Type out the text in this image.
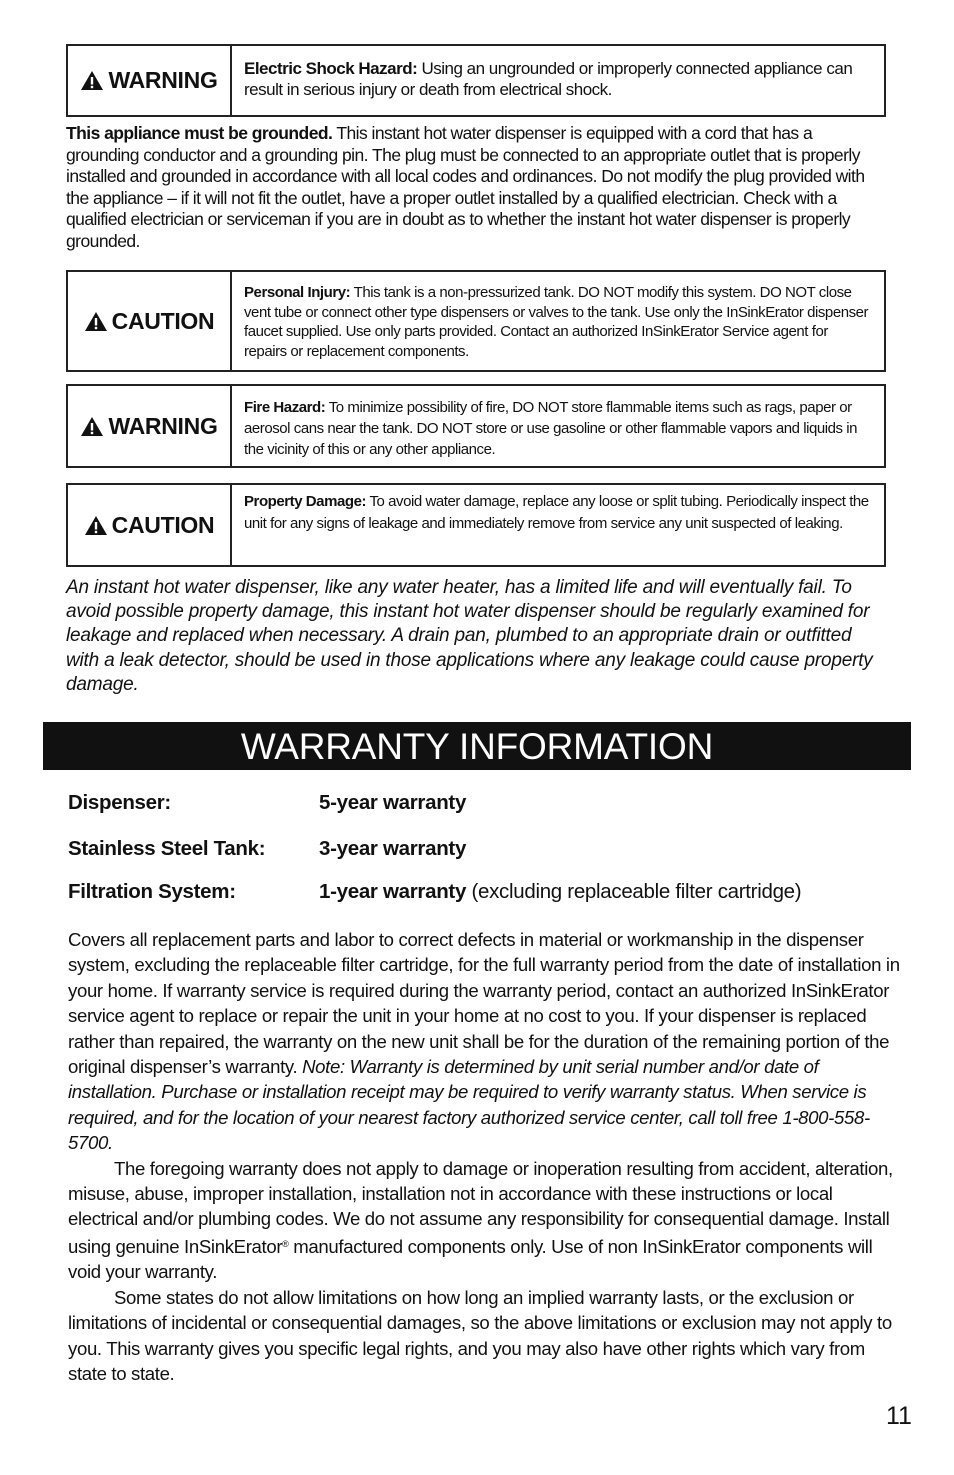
WARNING	Electric Shock Hazard: Using an ungrounded or improperly connected appliance can result in serious injury or death from electrical shock.
This appliance must be grounded. This instant hot water dispenser is equipped with a cord that has a grounding conductor and a grounding pin. The plug must be connected to an appropriate outlet that is properly installed and grounded in accordance with all local codes and ordinances. Do not modify the plug provided with the appliance – if it will not fit the outlet, have a proper outlet installed by a qualified electrician. Check with a qualified electrician or serviceman if you are in doubt as to whether the instant hot water dispenser is properly grounded.
CAUTION
Personal Injury: This tank is a non-pressurized tank. DO NOT modify this system. DO NOT close vent tube or connect other type dispensers or valves to the tank. Use only the InSinkErator dispenser faucet supplied. Use only parts provided. Contact an authorized InSinkErator Service agent for repairs or replacement components.
WARNING
Fire Hazard: To minimize possibility of fire, DO NOT store flammable items such as rags, paper or aerosol cans near the tank. DO NOT store or use gasoline or other flammable vapors and liquids in the vicinity of this or any other appliance.
CAUTION
Property Damage: To avoid water damage, replace any loose or split tubing. Periodically inspect the unit for any signs of leakage and immediately remove from service any unit suspected of leaking.
An instant hot water dispenser, like any water heater, has a limited life and will eventually fail. To avoid possible property damage, this instant hot water dispenser should be regularly examined for leakage and replaced when necessary. A drain pan, plumbed to an appropriate drain or outfitted with a leak detector, should be used in those applications where any leakage could cause property damage.
WARRANTY INFORMATION
Dispenser:	5-year warranty
Stainless Steel Tank:	3-year warranty
Filtration System:	1-year warranty (excluding replaceable filter cartridge)

Covers all replacement parts and labor to correct defects in material or workmanship in the dispenser system, excluding the replaceable filter cartridge, for the full warranty period from the date of installation in your home. If warranty service is required during the warranty period, contact an authorized InSinkErator service agent to replace or repair the unit in your home at no cost to you. If your dispenser is replaced rather than repaired, the warranty on the new unit shall be for the duration of the remaining portion of the original dispenser’s warranty. Note: Warranty is determined by unit serial number and/or date of installation. Purchase or installation receipt may be required to verify warranty status. When service is required, and for the location of your nearest factory authorized service center, call toll free 1-800-558-5700.

The foregoing warranty does not apply to damage or inoperation resulting from accident, alteration, misuse, abuse, improper installation, installation not in accordance with these instructions or local electrical and/or plumbing codes. We do not assume any responsibility for consequential damage. Install using genuine InSinkErator® manufactured components only. Use of non InSinkErator components will void your warranty.

Some states do not allow limitations on how long an implied warranty lasts, or the exclusion or limitations of incidental or consequential damages, so the above limitations or exclusion may not apply to you. This warranty gives you specific legal rights, and you may also have other rights which vary from state to state.

11
